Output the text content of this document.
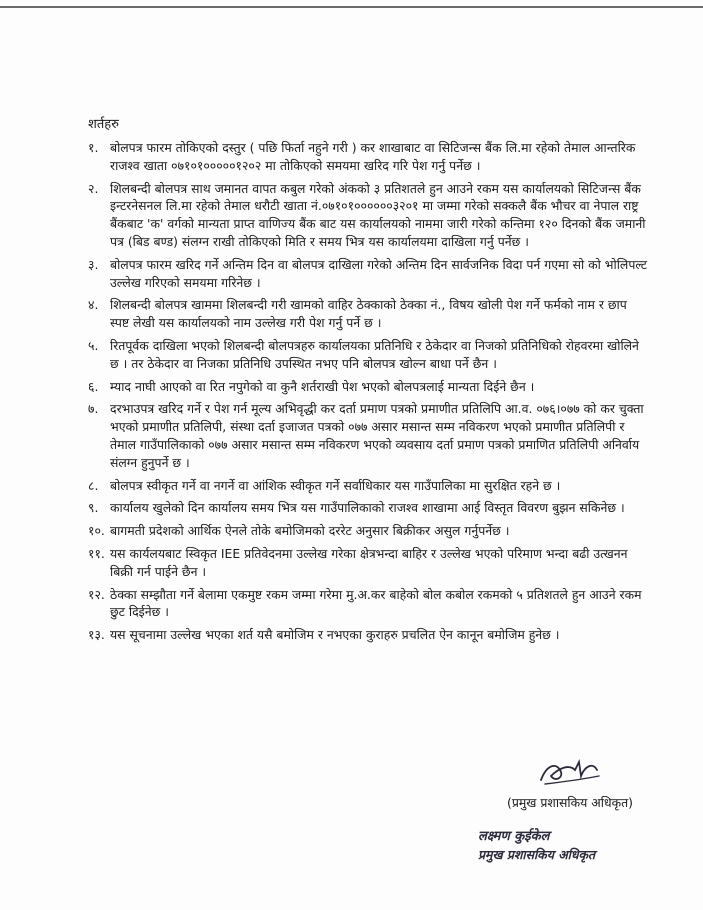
शर्तहरु
१. बोलपत्र फारम तोकिएको दस्तुर ( पछि फिर्ता नहुने गरी ) कर शाखाबाट वा सिटिजन्स बैंक लि.मा रहेको तेमाल आन्तरिक राजश्व खाता ०७१०१०००००१२०२ मा तोकिएको समयमा खरिद गरि पेश गर्नु पर्नेछ ।
२. शिलबन्दी बोलपत्र साथ जमानत वापत कबुल गरेको अंकको ३ प्रतिशतले हुन आउने रकम यस कार्यालयको सिटिजन्स बैंक इन्टरनेसनल लि.मा रहेको तेमाल धरौटी खाता नं.०७१०१००००००३२०१ मा जम्मा गरेको सक्कलै बैंक भौचर वा नेपाल राष्ट्र बैंकबाट 'क' वर्गको मान्यता प्राप्त वाणिज्य बैंक बाट यस कार्यालयको नाममा जारी गरेको कन्तिमा १२० दिनको बैंक जमानी पत्र (बिड बण्ड) संलग्न राखी तोकिएको मिति र समय भित्र यस कार्यालयमा दाखिला गर्नु पर्नेछ ।
३. बोलपत्र फारम खरिद गर्ने अन्तिम दिन वा बोलपत्र दाखिला गरेको अन्तिम दिन सार्वजनिक विदा पर्न गएमा सो को भोलिपल्ट उल्लेख गरिएको समयमा गरिनेछ ।
४. शिलबन्दी बोलपत्र खाममा शिलबन्दी गरी खामको वाहिर ठेक्काको ठेक्का नं., विषय खोली पेश गर्ने फर्मको नाम र छाप स्पष्ट लेखी यस कार्यालयको नाम उल्लेख गरी पेश गर्नु पर्ने छ ।
५. रितपूर्वक दाखिला भएको शिलबन्दी बोलपत्रहरु कार्यालयका प्रतिनिधि र ठेकेदार वा निजको प्रतिनिधिको रोहवरमा खोलिने छ । तर ठेकेदार वा निजका प्रतिनिधि उपस्थित नभए पनि बोलपत्र खोल्न बाधा पर्ने छैन ।
६. म्याद नाघी आएको वा रित नपुगेको वा कुनै शर्तराखी पेश भएको बोलपत्रलाई मान्यता दिईने छैन ।
७. दरभाउपत्र खरिद गर्ने र पेश गर्न मूल्य अभिवृद्धी कर दर्ता प्रमाण पत्रको प्रमाणीत प्रतिलिपि आ.व. ०७६।०७७ को कर चुक्ता भएको प्रमाणीत प्रतिलिपी, संस्था दर्ता इजाजत पत्रको ०७७ असार मसान्त सम्म नविकरण भएको प्रमाणीत प्रतिलिपी र तेमाल गाउँपालिकाको ०७७ असार मसान्त सम्म नविकरण भएको व्यवसाय दर्ता प्रमाण पत्रको प्रमाणित प्रतिलिपी अनिर्वाय संलग्न हुनुपर्ने छ ।
८. बोलपत्र स्वीकृत गर्ने वा नगर्ने वा आंशिक स्वीकृत गर्ने सर्वाधिकार यस गाउँपालिका मा सुरक्षित रहने छ ।
९. कार्यालय खुलेको दिन कार्यालय समय भित्र यस गाउँपालिकाको राजश्व शाखामा आई विस्तृत विवरण बुझन सकिनेछ ।
१०. बागमती प्रदेशको आर्थिक ऐनले तोके बमोजिमको दररेट अनुसार बिक्रीकर असुल गर्नुपर्नेछ ।
११. यस कार्यलयबाट स्विकृत IEE प्रतिवेदनमा उल्लेख गरेका क्षेत्रभन्दा बाहिर र उल्लेख भएको परिमाण भन्दा बढी उत्खनन बिक्री गर्न पाईने छैन ।
१२. ठेक्का सम्झौता गर्ने बेलामा एकमुष्ट रकम जम्मा गरेमा मु.अ.कर बाहेको बोल कबोल रकमको ५ प्रतिशतले हुन आउने रकम छुट दिईनेछ ।
१३. यस सूचनामा उल्लेख भएका शर्त यसै बमोजिम र नभएका कुराहरु प्रचलित ऐन कानून बमोजिम हुनेछ ।
(प्रमुख प्रशासकिय अधिकृत)
लक्ष्मण कुईकेल
प्रमुख प्रशासकिय अधिकृत
